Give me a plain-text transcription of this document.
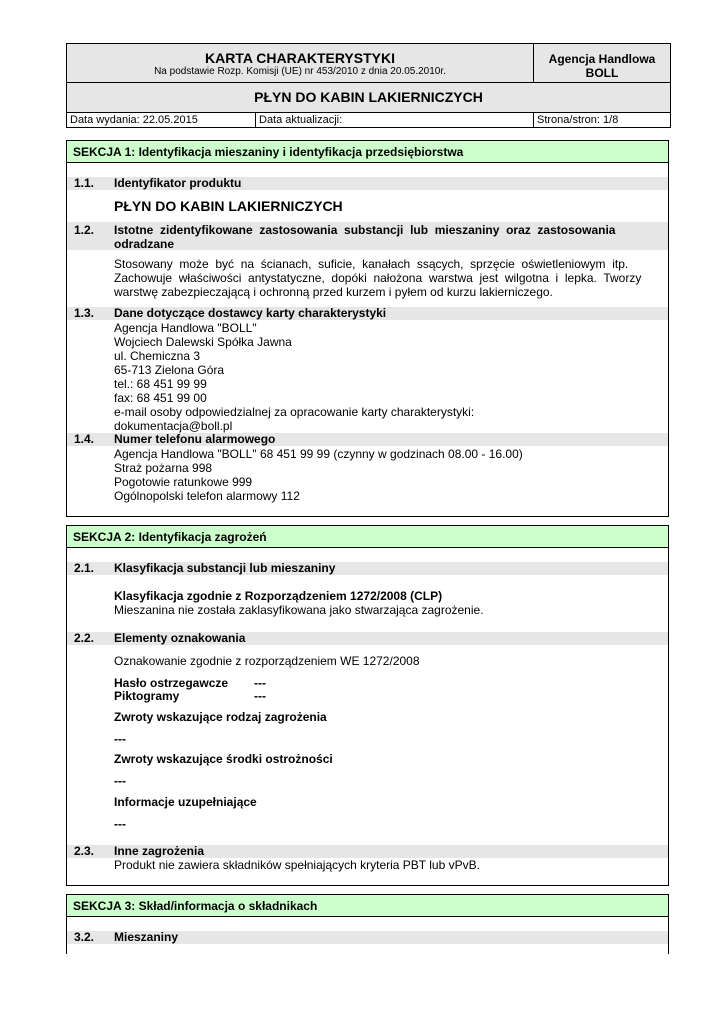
KARTA CHARAKTERYSTYKI
Na podstawie Rozp. Komisji (UE) nr 453/2010 z dnia 20.05.2010r.
Agencja Handlowa
BOLL
PŁYN DO KABIN LAKIERNICZYCH
Data wydania: 22.05.2015	Data aktualizacji:	Strona/stron: 1/8
SEKCJA 1: Identyfikacja mieszaniny i identyfikacja przedsiębiorstwa
1.1. Identyfikator produktu
PŁYN DO KABIN LAKIERNICZYCH
1.2. Istotne  zidentyfikowane  zastosowania  substancji  lub  mieszaniny  oraz  zastosowania
odradzane
Stosowany  może  być  na  ścianach,  suficie,  kanałach  ssących,  sprzęcie  oświetleniowym  itp.
Zachowuje  właściwości  antystatyczne,  dopóki  nałożona  warstwa  jest  wilgotna  i  lepka.  Tworzy
warstwę zabezpieczającą i ochronną przed kurzem i pyłem od kurzu lakierniczego.
1.3. Dane dotyczące dostawcy karty charakterystyki
Agencja Handlowa "BOLL"
Wojciech Dalewski Spółka Jawna
ul. Chemiczna 3
65-713 Zielona Góra
tel.: 68 451 99 99
fax: 68 451 99 00
e-mail osoby odpowiedzialnej za opracowanie karty charakterystyki:
dokumentacja@boll.pl
1.4. Numer telefonu alarmowego
Agencja Handlowa "BOLL" 68 451 99 99 (czynny w godzinach 08.00 - 16.00)
Straż pożarna 998
Pogotowie ratunkowe 999
Ogólnopolski telefon alarmowy 112
SEKCJA 2: Identyfikacja zagrożeń
2.1. Klasyfikacja substancji lub mieszaniny
Klasyfikacja zgodnie z Rozporządzeniem 1272/2008 (CLP)
Mieszanina nie została zaklasyfikowana jako stwarzająca zagrożenie.
2.2. Elementy oznakowania
Oznakowanie zgodnie z rozporządzeniem WE 1272/2008
Hasło ostrzegawcze ---
Piktogramy	---
Zwroty wskazujące rodzaj zagrożenia
---
Zwroty wskazujące środki ostrożności
---
Informacje uzupełniające
---
2.3. Inne zagrożenia
Produkt nie zawiera składników spełniających kryteria PBT lub vPvB.
SEKCJA 3: Skład/informacja o składnikach
3.2. Mieszaniny
